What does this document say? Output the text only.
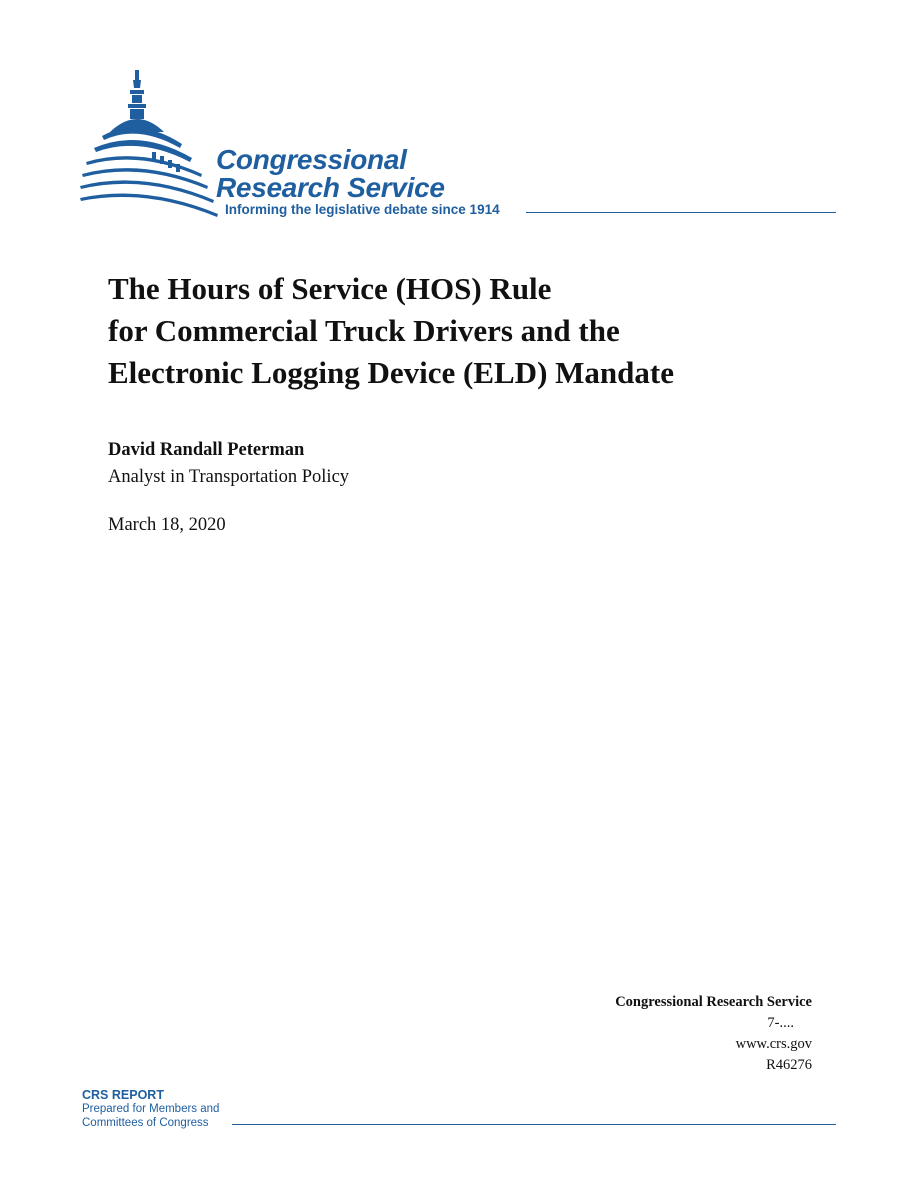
Congressional
Research Service
Informing the legislative debate since 1914
The Hours of Service (HOS) Rule
for Commercial Truck Drivers and the
Electronic Logging Device (ELD) Mandate
David Randall Peterman
Analyst in Transportation Policy
March 18, 2020
Congressional Research Service
7-....
www.crs.gov
R46276
CRS REPORT
Prepared for Members and
Committees of Congress
